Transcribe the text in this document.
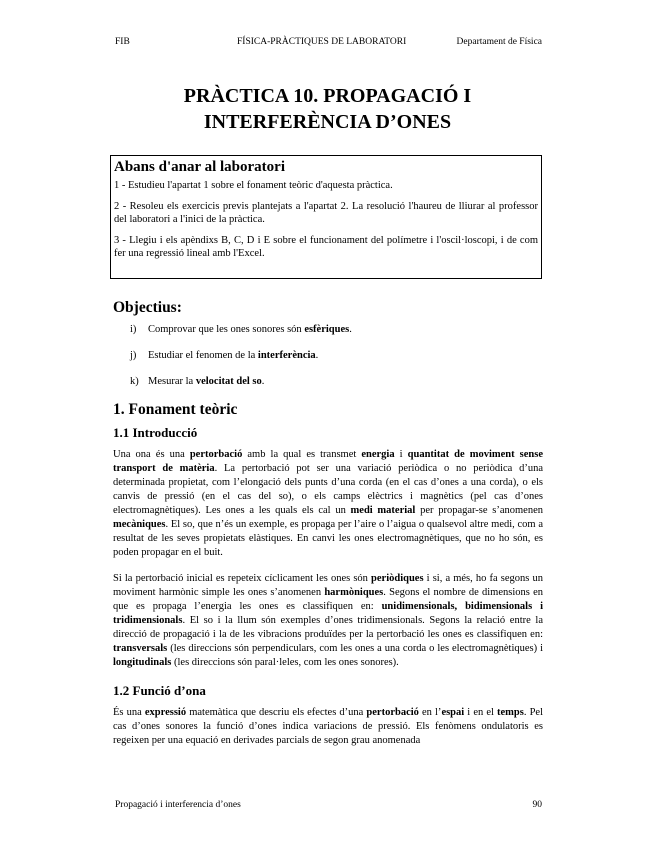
FIB	FÍSICA-PRÀCTIQUES DE LABORATORI	Departament de Física
PRÀCTICA 10. PROPAGACIÓ I
INTERFERÈNCIA D’ONES
Abans d'anar al laboratori

1 - Estudieu l'apartat 1 sobre el fonament teòric d'aquesta pràctica.

2 - Resoleu els exercicis previs plantejats a l'apartat 2. La resolució l'haureu de lliurar al professor del laboratori a l'inici de la pràctica.

3 - Llegiu i els apèndixs B, C, D i E sobre el funcionament del polímetre i l'oscil·loscopi, i de com fer una regressió lineal amb l'Excel.

Objectius:
i) Comprovar que les ones sonores són esfèriques.
j) Estudiar el fenomen de la interferència.
k) Mesurar la velocitat del so.
1. Fonament teòric
1.1 Introducció

Una ona és una pertorbació amb la qual es transmet energia i quantitat de moviment sense transport de matèria. La pertorbació pot ser una variació periòdica o no periòdica d’una determinada propietat, com l’elongació dels punts d’una corda (en el cas d’ones a una corda), o els canvis de pressió (en el cas del so), o els camps elèctrics i magnètics (pel cas d’ones electromagnètiques). Les ones a les quals els cal un medi material per propagar-se s’anomenen mecàniques. El so, que n’és un exemple, es propaga per l’aire o l’aigua o qualsevol altre medi, com a resultat de les seves propietats elàstiques. En canvi les ones electromagnètiques, que no ho són, es poden propagar en el buit.

Si la pertorbació inicial es repeteix cíclicament les ones són periòdiques i si, a més, ho fa segons un moviment harmònic simple les ones s’anomenen harmòniques. Segons el nombre de dimensions en que es propaga l’energia les ones es classifiquen en: unidimensionals, bidimensionals i tridimensionals. El so i la llum són exemples d’ones tridimensionals. Segons la relació entre la direcció de propagació i la de les vibracions produïdes per la pertorbació les ones es classifiquen en: transversals (les direccions són perpendiculars, com les ones a una corda o les electromagnètiques) i longitudinals (les direccions són paral·leles, com les ones sonores).

1.2 Funció d’ona

És una expressió matemàtica que descriu els efectes d’una pertorbació en l’espai i en el temps. Pel cas d’ones sonores la funció d’ones indica variacions de pressió. Els fenòmens ondulatoris es regeixen per una equació en derivades parcials de segon grau anomenada

Propagació i interferencia d’ones	90
